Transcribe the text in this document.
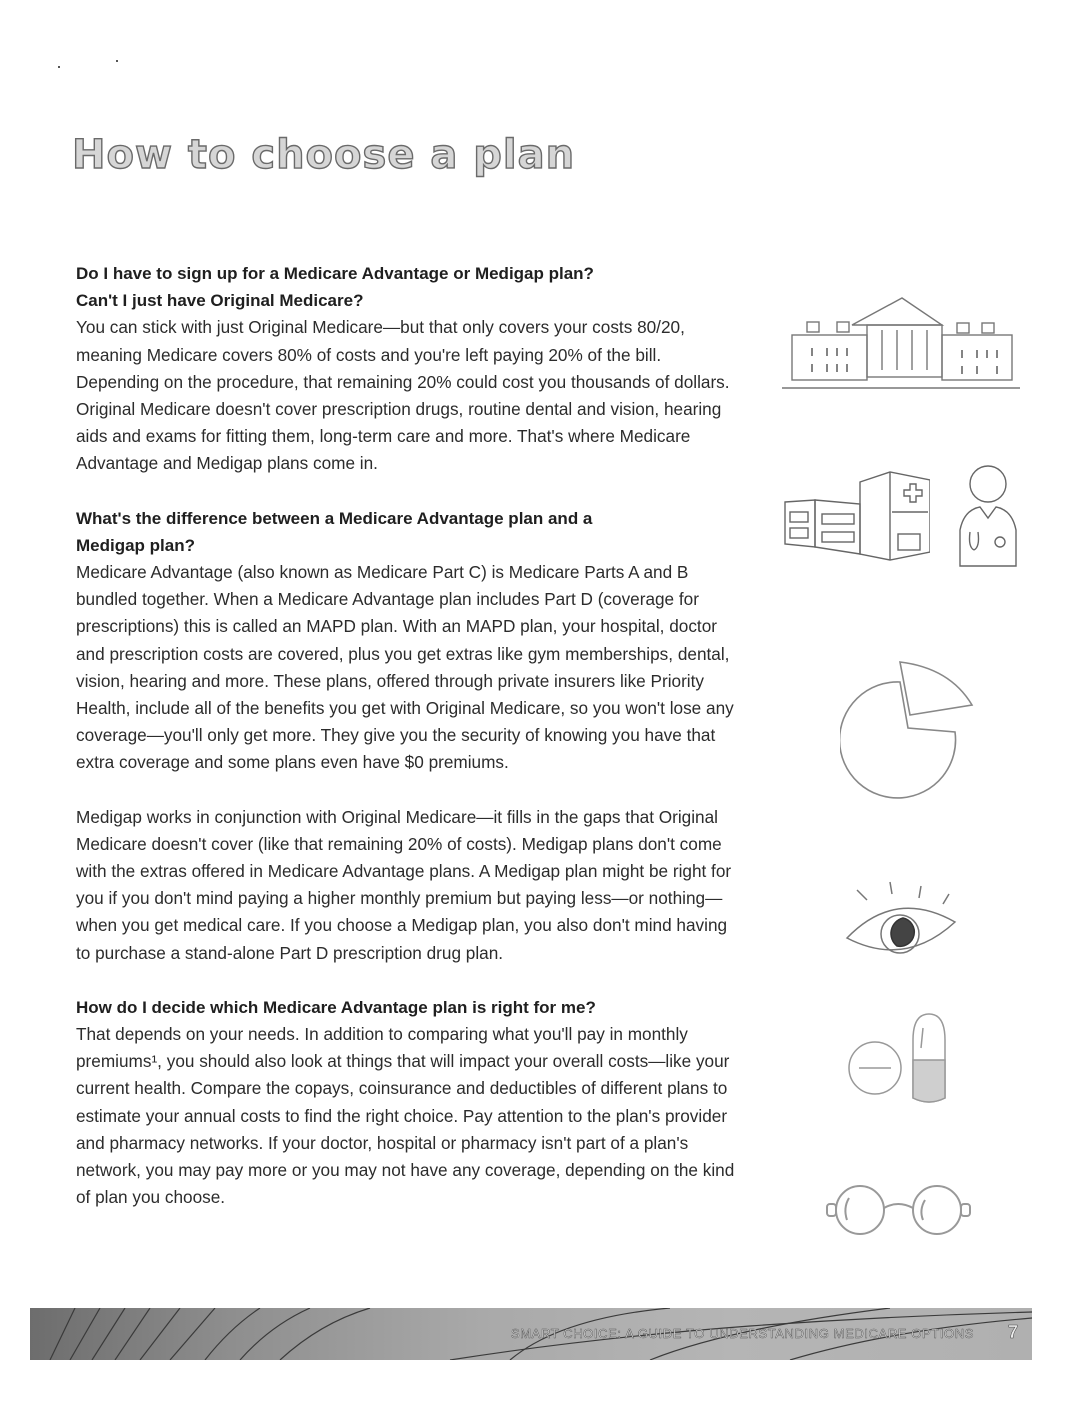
How to choose a plan

Do I have to sign up for a Medicare Advantage or Medigap plan?
Can't I just have Original Medicare?

You can stick with just Original Medicare—but that only covers your costs 80/20, meaning Medicare covers 80% of costs and you're left paying 20% of the bill. Depending on the procedure, that remaining 20% could cost you thousands of dollars. Original Medicare doesn't cover prescription drugs, routine dental and vision, hearing aids and exams for fitting them, long-term care and more. That's where Medicare Advantage and Medigap plans come in.

What's the difference between a Medicare Advantage plan and a
Medigap plan?

Medicare Advantage (also known as Medicare Part C) is Medicare Parts A and B bundled together. When a Medicare Advantage plan includes Part D (coverage for prescriptions) this is called an MAPD plan. With an MAPD plan, your hospital, doctor and prescription costs are covered, plus you get extras like gym memberships, dental, vision, hearing and more. These plans, offered through private insurers like Priority Health, include all of the benefits you get with Original Medicare, so you won't lose any coverage—you'll only get more. They give you the security of knowing you have that extra coverage and some plans even have $0 premiums.

Medigap works in conjunction with Original Medicare—it fills in the gaps that Original Medicare doesn't cover (like that remaining 20% of costs). Medigap plans don't come with the extras offered in Medicare Advantage plans. A Medigap plan might be right for you if you don't mind paying a higher monthly premium but paying less—or nothing—when you get medical care. If you choose a Medigap plan, you also don't mind having to purchase a stand-alone Part D prescription drug plan.

How do I decide which Medicare Advantage plan is right for me?

That depends on your needs. In addition to comparing what you'll pay in monthly premiums¹, you should also look at things that will impact your overall costs—like your current health. Compare the copays, coinsurance and deductibles of different plans to estimate your annual costs to find the right choice. Pay attention to the plan's provider and pharmacy networks. If your doctor, hospital or pharmacy isn't part of a plan's network, you may pay more or you may not have any coverage, depending on the kind of plan you choose.

SMART CHOICE: A GUIDE TO UNDERSTANDING MEDICARE OPTIONS 7
